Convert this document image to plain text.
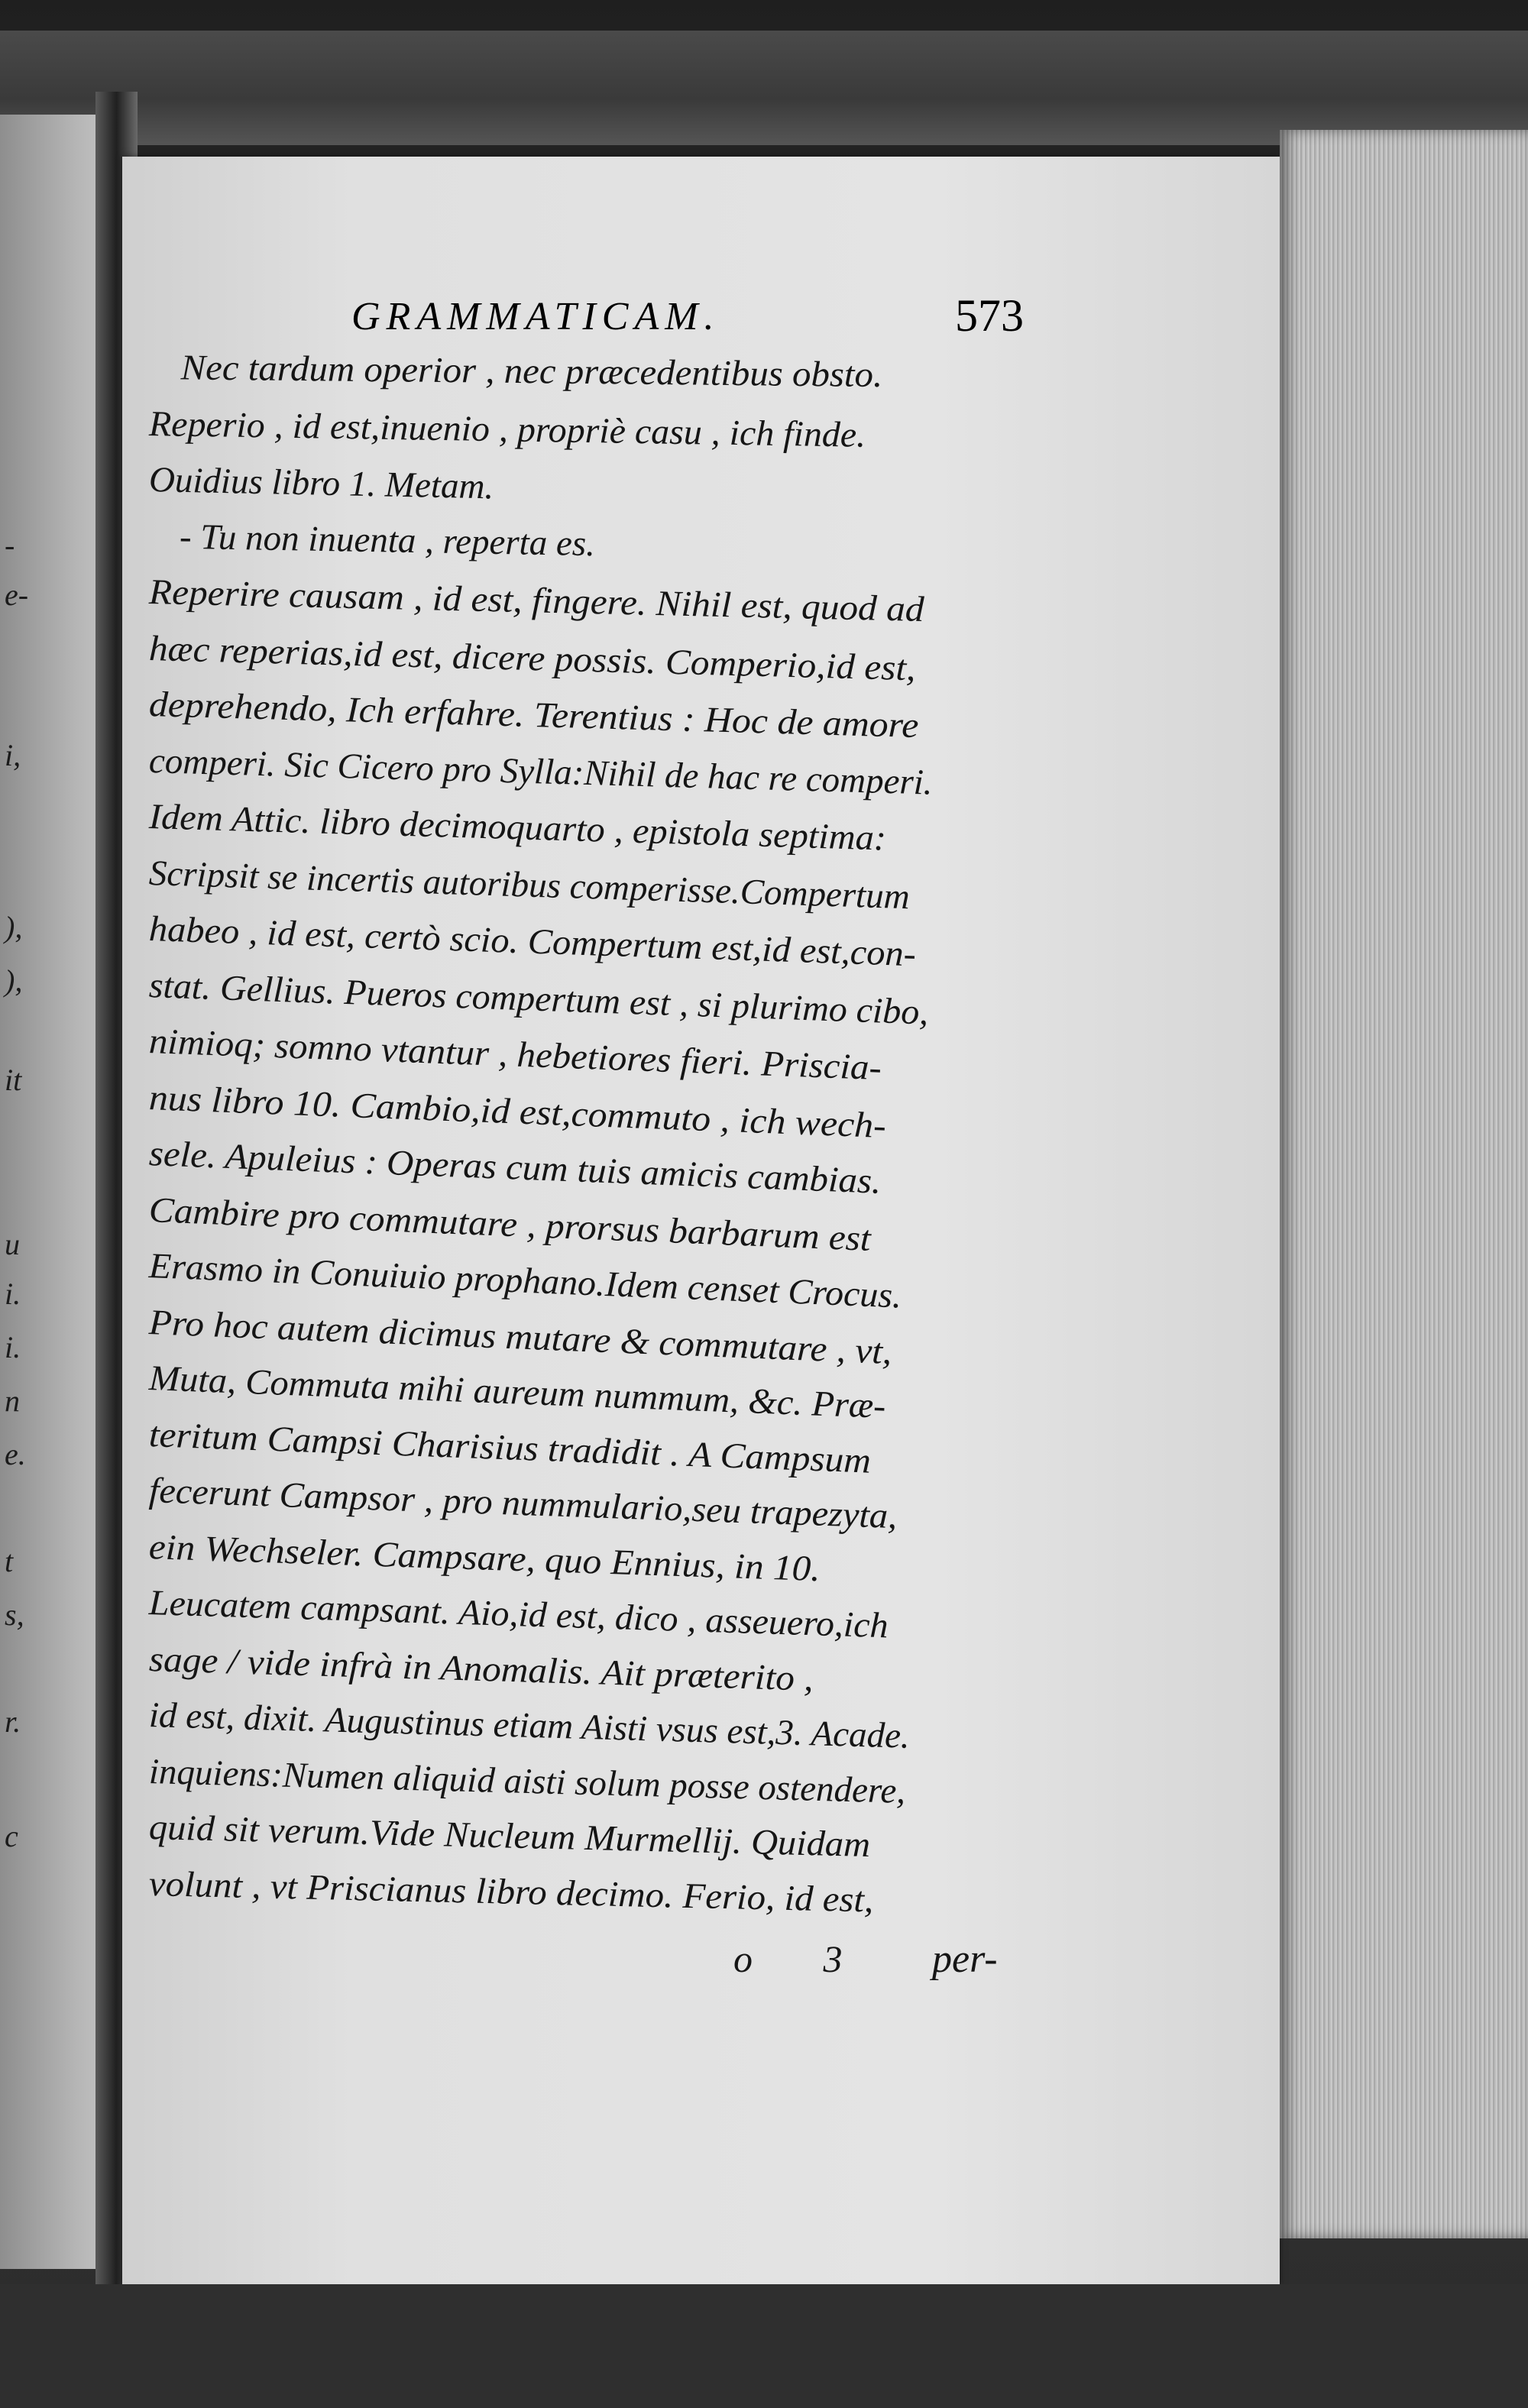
-
e-
i,
),
),
it
u
i.
i.
n
e.
t
s,
r.
c
GRAMMATICAM.	573
Nec tardum operior , nec præcedentibus obsto.
Reperio , id est,inuenio , propriè casu , ich finde.
Ouidius libro 1. Metam.
- Tu non inuenta , reperta es.
Reperire causam , id est, fingere. Nihil est, quod ad
hæc reperias,id est, dicere possis. Comperio,id est,
deprehendo, Ich erfahre. Terentius : Hoc de amore
comperi. Sic Cicero pro Sylla:Nihil de hac re comperi.
Idem Attic. libro decimoquarto , epistola septima:
Scripsit se incertis autoribus comperisse.Compertum
habeo , id est, certò scio. Compertum est,id est,con-
stat. Gellius. Pueros compertum est , si plurimo cibo,
nimioq; somno vtantur , hebetiores fieri. Priscia-
nus libro 10. Cambio,id est,commuto , ich wech-
sele. Apuleius : Operas cum tuis amicis cambias.
Cambire pro commutare , prorsus barbarum est
Erasmo in Conuiuio prophano.Idem censet Crocus.
Pro hoc autem dicimus mutare & commutare , vt,
Muta, Commuta mihi aureum nummum, &c. Præ-
teritum Campsi Charisius tradidit . A Campsum
fecerunt Campsor , pro nummulario,seu trapezyta,
ein Wechseler. Campsare, quo Ennius, in 10.
Leucatem campsant. Aio,id est, dico , asseuero,ich
sage / vide infrà in Anomalis. Ait præterito ,
id est, dixit. Augustinus etiam Aisti vsus est,3. Acade.
inquiens:Numen aliquid aisti solum posse ostendere,
quid sit verum.Vide Nucleum Murmellij. Quidam
volunt , vt Priscianus libro decimo. Ferio, id est,
o 3 per-
